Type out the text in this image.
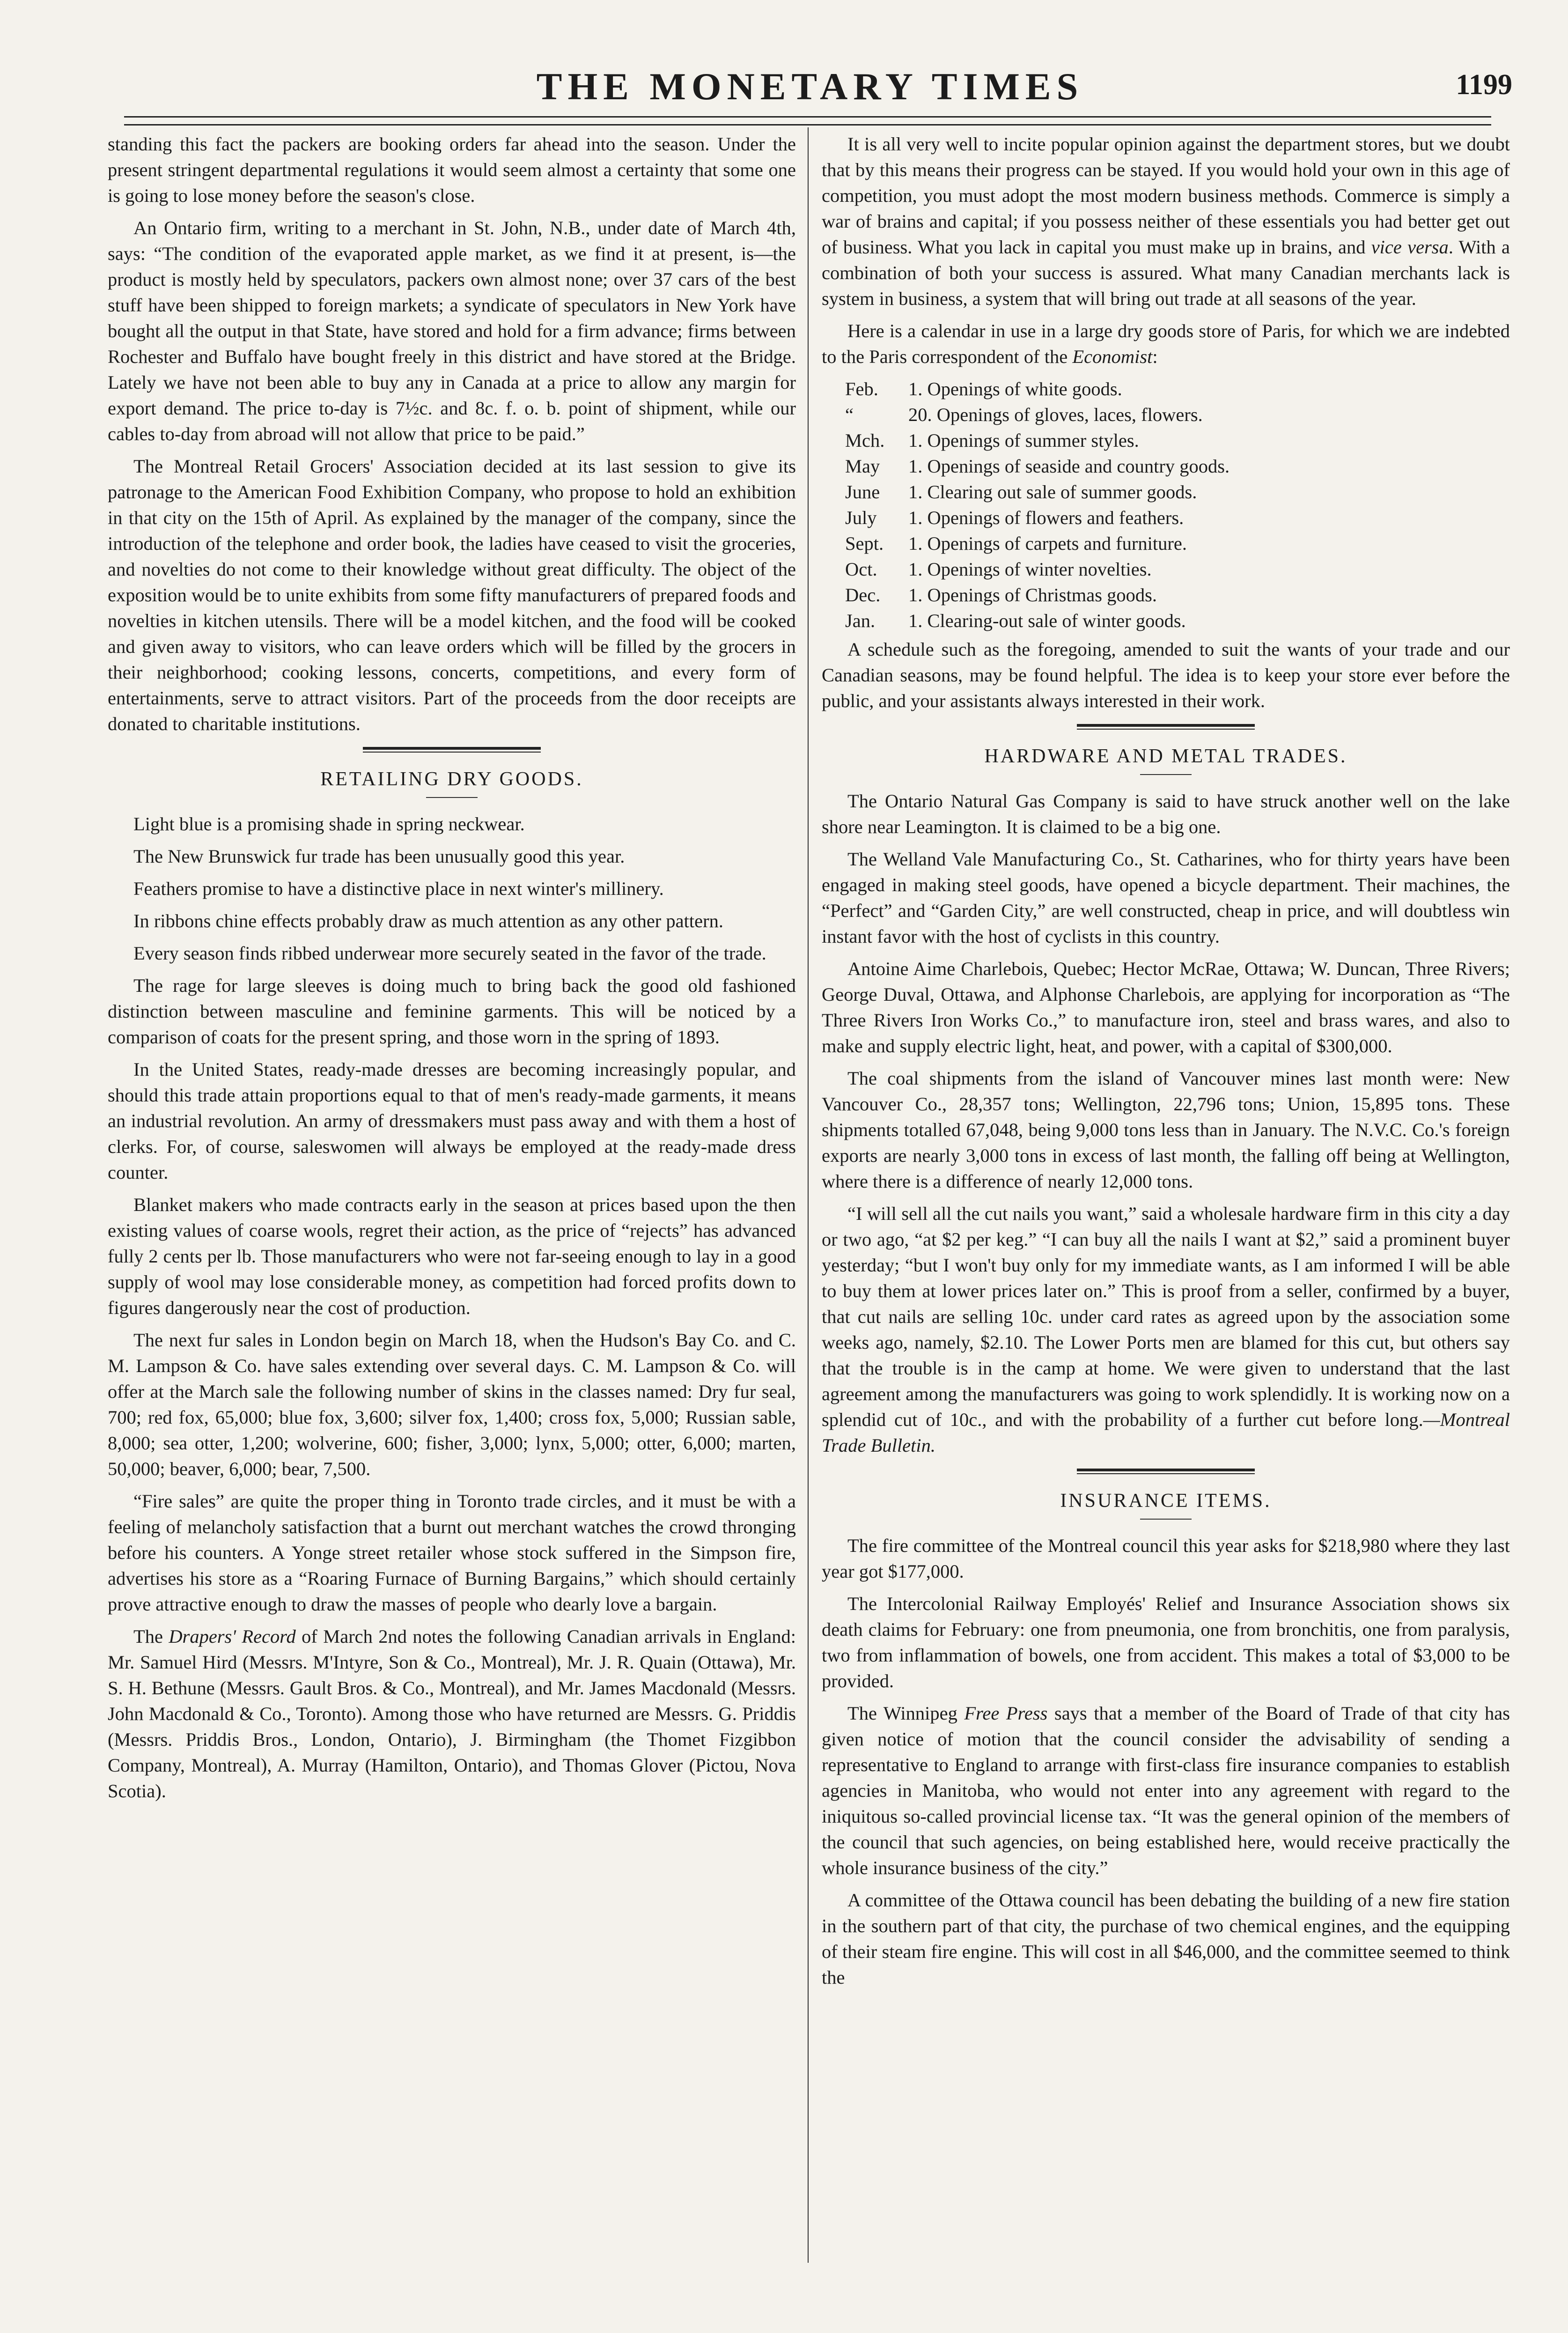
THE MONETARY TIMES	1199

standing this fact the packers are booking orders far ahead into the season. Under the present stringent departmental regulations it would seem almost a certainty that some one is going to lose money before the season's close.

An Ontario firm, writing to a merchant in St. John, N.B., under date of March 4th, says: “The condition of the evaporated apple market, as we find it at present, is—the product is mostly held by speculators, packers own almost none; over 37 cars of the best stuff have been shipped to foreign markets; a syndicate of speculators in New York have bought all the output in that State, have stored and hold for a firm advance; firms between Rochester and Buffalo have bought freely in this district and have stored at the Bridge. Lately we have not been able to buy any in Canada at a price to allow any margin for export demand. The price to-day is 7½c. and 8c. f. o. b. point of shipment, while our cables to-day from abroad will not allow that price to be paid.”

The Montreal Retail Grocers' Association decided at its last session to give its patronage to the American Food Exhibition Company, who propose to hold an exhibition in that city on the 15th of April. As explained by the manager of the company, since the introduction of the telephone and order book, the ladies have ceased to visit the groceries, and novelties do not come to their knowledge without great difficulty. The object of the exposition would be to unite exhibits from some fifty manufacturers of prepared foods and novelties in kitchen utensils. There will be a model kitchen, and the food will be cooked and given away to visitors, who can leave orders which will be filled by the grocers in their neighborhood; cooking lessons, concerts, competitions, and every form of entertainments, serve to attract visitors. Part of the proceeds from the door receipts are donated to charitable institutions.

RETAILING DRY GOODS.

Light blue is a promising shade in spring neckwear.

The New Brunswick fur trade has been unusually good this year.

Feathers promise to have a distinctive place in next winter's millinery.

In ribbons chine effects probably draw as much attention as any other pattern.

Every season finds ribbed underwear more securely seated in the favor of the trade.

The rage for large sleeves is doing much to bring back the good old fashioned distinction between masculine and feminine garments. This will be noticed by a comparison of coats for the present spring, and those worn in the spring of 1893.

In the United States, ready-made dresses are becoming increasingly popular, and should this trade attain proportions equal to that of men's ready-made garments, it means an industrial revolution. An army of dressmakers must pass away and with them a host of clerks. For, of course, saleswomen will always be employed at the ready-made dress counter.

Blanket makers who made contracts early in the season at prices based upon the then existing values of coarse wools, regret their action, as the price of “rejects” has advanced fully 2 cents per lb. Those manufacturers who were not far-seeing enough to lay in a good supply of wool may lose considerable money, as competition had forced profits down to figures dangerously near the cost of production.

The next fur sales in London begin on March 18, when the Hudson's Bay Co. and C. M. Lampson & Co. have sales extending over several days. C. M. Lampson & Co. will offer at the March sale the following number of skins in the classes named: Dry fur seal, 700; red fox, 65,000; blue fox, 3,600; silver fox, 1,400; cross fox, 5,000; Russian sable, 8,000; sea otter, 1,200; wolverine, 600; fisher, 3,000; lynx, 5,000; otter, 6,000; marten, 50,000; beaver, 6,000; bear, 7,500.

“Fire sales” are quite the proper thing in Toronto trade circles, and it must be with a feeling of melancholy satisfaction that a burnt out merchant watches the crowd thronging before his counters. A Yonge street retailer whose stock suffered in the Simpson fire, advertises his store as a “Roaring Furnace of Burning Bargains,” which should certainly prove attractive enough to draw the masses of people who dearly love a bargain.

The Drapers' Record of March 2nd notes the following Canadian arrivals in England: Mr. Samuel Hird (Messrs. M'Intyre, Son & Co., Montreal), Mr. J. R. Quain (Ottawa), Mr. S. H. Bethune (Messrs. Gault Bros. & Co., Montreal), and Mr. James Macdonald (Messrs. John Macdonald & Co., Toronto). Among those who have returned are Messrs. G. Priddis (Messrs. Priddis Bros., London, Ontario), J. Birmingham (the Thomet Fizgibbon Company, Montreal), A. Murray (Hamilton, Ontario), and Thomas Glover (Pictou, Nova Scotia).

It is all very well to incite popular opinion against the department stores, but we doubt that by this means their progress can be stayed. If you would hold your own in this age of competition, you must adopt the most modern business methods. Commerce is simply a war of brains and capital; if you possess neither of these essentials you had better get out of business. What you lack in capital you must make up in brains, and vice versa. With a combination of both your success is assured. What many Canadian merchants lack is system in business, a system that will bring out trade at all seasons of the year.

Here is a calendar in use in a large dry goods store of Paris, for which we are indebted to the Paris correspondent of the Economist:

Feb.	1. Openings of white goods.
“	20. Openings of gloves, laces, flowers.
Mch.	1. Openings of summer styles.
May	1. Openings of seaside and country goods.
June	1. Clearing out sale of summer goods.
July	1. Openings of flowers and feathers.
Sept.	1. Openings of carpets and furniture.
Oct.	1. Openings of winter novelties.
Dec.	1. Openings of Christmas goods.
Jan.	1. Clearing-out sale of winter goods.

A schedule such as the foregoing, amended to suit the wants of your trade and our Canadian seasons, may be found helpful. The idea is to keep your store ever before the public, and your assistants always interested in their work.

HARDWARE AND METAL TRADES.

The Ontario Natural Gas Company is said to have struck another well on the lake shore near Leamington. It is claimed to be a big one.

The Welland Vale Manufacturing Co., St. Catharines, who for thirty years have been engaged in making steel goods, have opened a bicycle department. Their machines, the “Perfect” and “Garden City,” are well constructed, cheap in price, and will doubtless win instant favor with the host of cyclists in this country.

Antoine Aime Charlebois, Quebec; Hector McRae, Ottawa; W. Duncan, Three Rivers; George Duval, Ottawa, and Alphonse Charlebois, are applying for incorporation as “The Three Rivers Iron Works Co.,” to manufacture iron, steel and brass wares, and also to make and supply electric light, heat, and power, with a capital of $300,000.

The coal shipments from the island of Vancouver mines last month were: New Vancouver Co., 28,357 tons; Wellington, 22,796 tons; Union, 15,895 tons. These shipments totalled 67,048, being 9,000 tons less than in January. The N.V.C. Co.'s foreign exports are nearly 3,000 tons in excess of last month, the falling off being at Wellington, where there is a difference of nearly 12,000 tons.

“I will sell all the cut nails you want,” said a wholesale hardware firm in this city a day or two ago, “at $2 per keg.” “I can buy all the nails I want at $2,” said a prominent buyer yesterday; “but I won't buy only for my immediate wants, as I am informed I will be able to buy them at lower prices later on.” This is proof from a seller, confirmed by a buyer, that cut nails are selling 10c. under card rates as agreed upon by the association some weeks ago, namely, $2.10. The Lower Ports men are blamed for this cut, but others say that the trouble is in the camp at home. We were given to understand that the last agreement among the manufacturers was going to work splendidly. It is working now on a splendid cut of 10c., and with the probability of a further cut before long.—Montreal Trade Bulletin.

INSURANCE ITEMS.

The fire committee of the Montreal council this year asks for $218,980 where they last year got $177,000.

The Intercolonial Railway Employés' Relief and Insurance Association shows six death claims for February: one from pneumonia, one from bronchitis, one from paralysis, two from inflammation of bowels, one from accident. This makes a total of $3,000 to be provided.

The Winnipeg Free Press says that a member of the Board of Trade of that city has given notice of motion that the council consider the advisability of sending a representative to England to arrange with first-class fire insurance companies to establish agencies in Manitoba, who would not enter into any agreement with regard to the iniquitous so-called provincial license tax. “It was the general opinion of the members of the council that such agencies, on being established here, would receive practically the whole insurance business of the city.”

A committee of the Ottawa council has been debating the building of a new fire station in the southern part of that city, the purchase of two chemical engines, and the equipping of their steam fire engine. This will cost in all $46,000, and the committee seemed to think the
